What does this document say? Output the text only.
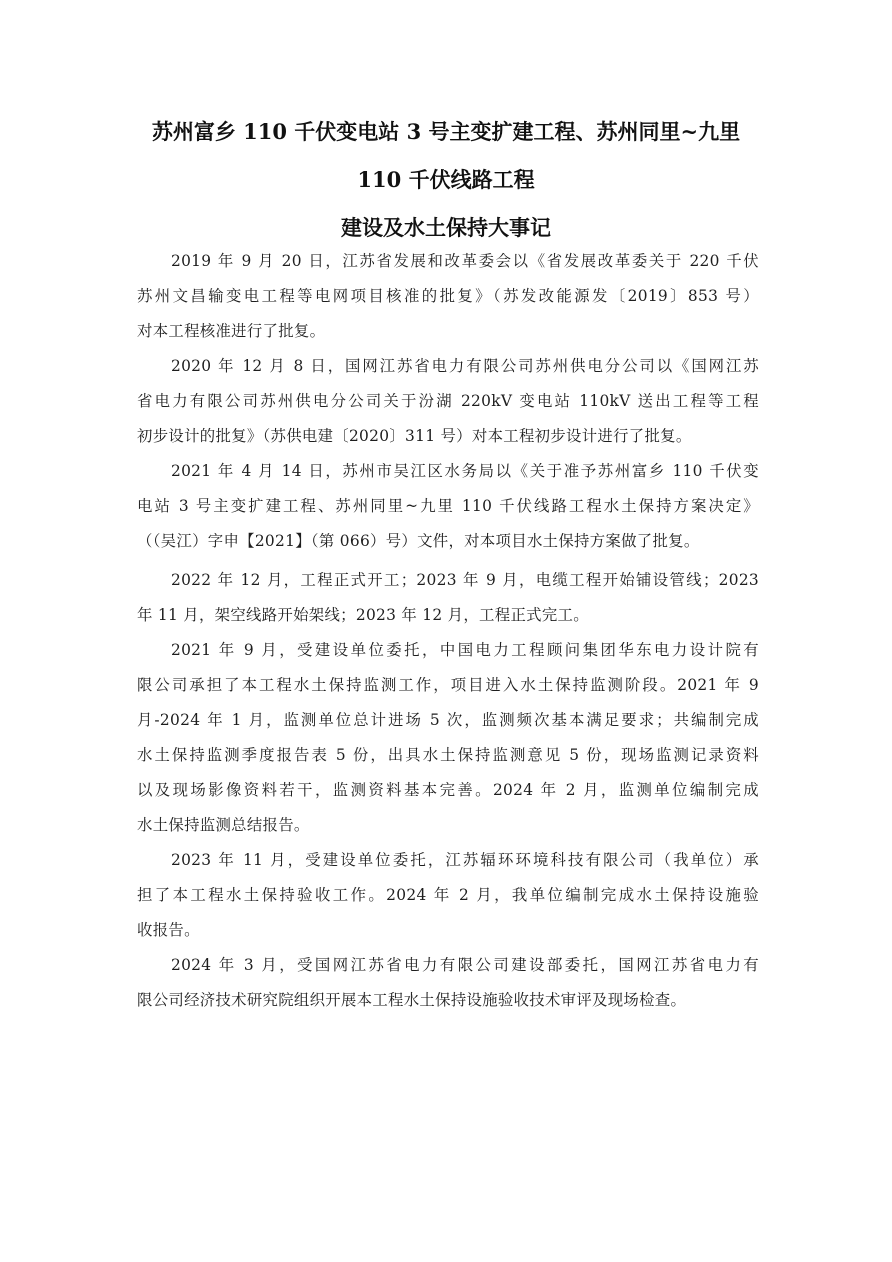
苏州富乡 110 千伏变电站 3 号主变扩建工程、苏州同里~九里
110 千伏线路工程
建设及水土保持大事记
2019 年 9 月 20 日，江苏省发展和改革委会以《省发展改革委关于 220 千伏
苏州文昌输变电工程等电网项目核准的批复》（苏发改能源发〔2019〕853 号）
对本工程核准进行了批复。
2020 年 12 月 8 日，国网江苏省电力有限公司苏州供电分公司以《国网江苏
省电力有限公司苏州供电分公司关于汾湖 220kV 变电站 110kV 送出工程等工程
初步设计的批复》（苏供电建〔2020〕311 号）对本工程初步设计进行了批复。
2021 年 4 月 14 日，苏州市吴江区水务局以《关于准予苏州富乡 110 千伏变
电站 3 号主变扩建工程、苏州同里~九里 110 千伏线路工程水土保持方案决定》
（（吴江）字申【2021】（第 066）号）文件，对本项目水土保持方案做了批复。
2022 年 12 月，工程正式开工；2023 年 9 月，电缆工程开始铺设管线；2023
年 11 月，架空线路开始架线；2023 年 12 月，工程正式完工。
2021 年 9 月，受建设单位委托，中国电力工程顾问集团华东电力设计院有
限公司承担了本工程水土保持监测工作，项目进入水土保持监测阶段。2021 年 9
月-2024 年 1 月，监测单位总计进场 5 次，监测频次基本满足要求；共编制完成
水土保持监测季度报告表 5 份，出具水土保持监测意见 5 份，现场监测记录资料
以及现场影像资料若干，监测资料基本完善。2024 年 2 月，监测单位编制完成
水土保持监测总结报告。
2023 年 11 月，受建设单位委托，江苏辐环环境科技有限公司（我单位）承
担了本工程水土保持验收工作。2024 年 2 月，我单位编制完成水土保持设施验
收报告。
2024 年 3 月，受国网江苏省电力有限公司建设部委托，国网江苏省电力有
限公司经济技术研究院组织开展本工程水土保持设施验收技术审评及现场检查。
